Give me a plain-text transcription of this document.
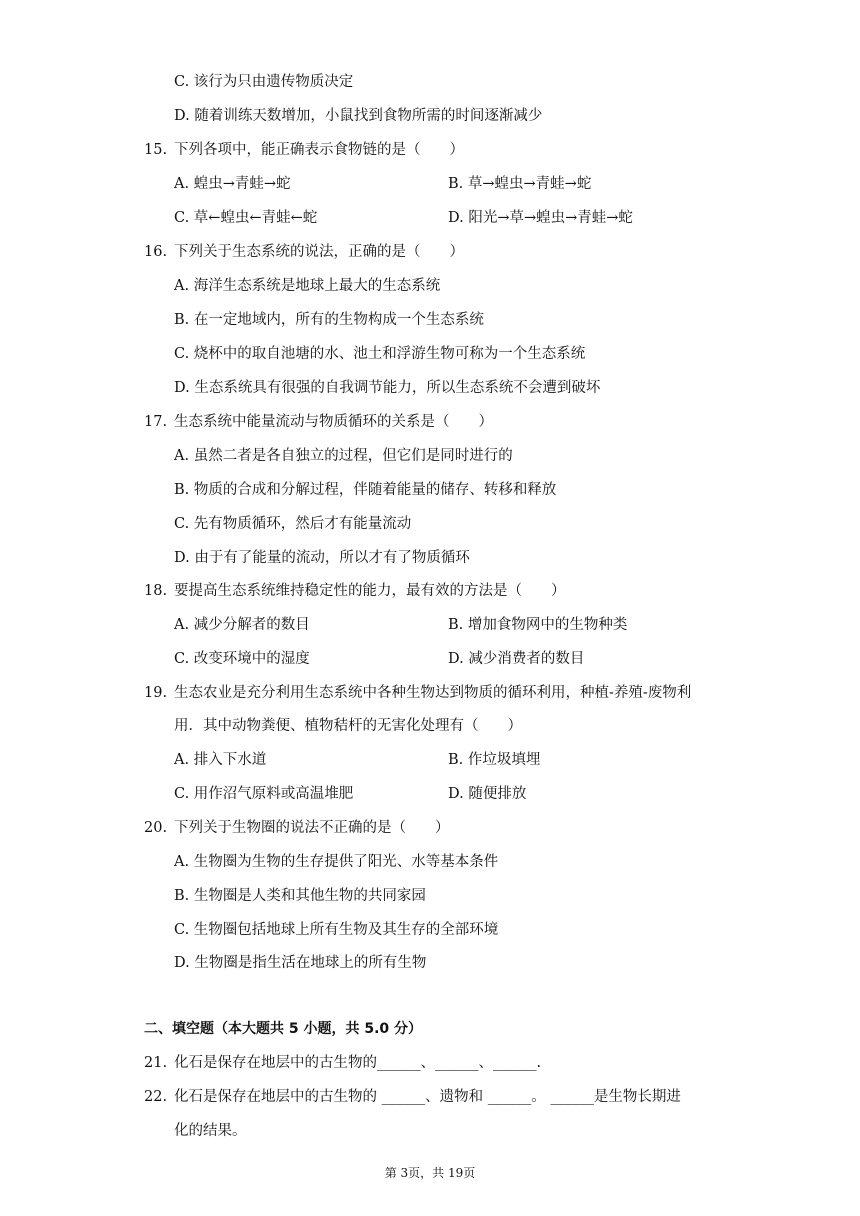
C. 该行为只由遗传物质决定
D. 随着训练天数增加，小鼠找到食物所需的时间逐渐减少
15. 下列各项中，能正确表示食物链的是（　　）
A. 蝗虫→青蛙→蛇	B. 草→蝗虫→青蛙→蛇
C. 草←蝗虫←青蛙←蛇	D. 阳光→草→蝗虫→青蛙→蛇
16. 下列关于生态系统的说法，正确的是（　　）
A. 海洋生态系统是地球上最大的生态系统
B. 在一定地域内，所有的生物构成一个生态系统
C. 烧杯中的取自池塘的水、池土和浮游生物可称为一个生态系统
D. 生态系统具有很强的自我调节能力，所以生态系统不会遭到破坏
17. 生态系统中能量流动与物质循环的关系是（　　）
A. 虽然二者是各自独立的过程，但它们是同时进行的
B. 物质的合成和分解过程，伴随着能量的储存、转移和释放
C. 先有物质循环，然后才有能量流动
D. 由于有了能量的流动，所以才有了物质循环
18. 要提高生态系统维持稳定性的能力，最有效的方法是（　　）
A. 减少分解者的数目	B. 增加食物网中的生物种类
C. 改变环境中的湿度	D. 减少消费者的数目
19. 生态农业是充分利用生态系统中各种生物达到物质的循环利用，种植-养殖-废物利
用．其中动物粪便、植物秸杆的无害化处理有（　　）
A. 排入下水道	B. 作垃圾填埋
C. 用作沼气原料或高温堆肥	D. 随便排放
20. 下列关于生物圈的说法不正确的是（　　）
A. 生物圈为生物的生存提供了阳光、水等基本条件
B. 生物圈是人类和其他生物的共同家园
C. 生物圈包括地球上所有生物及其生存的全部环境
D. 生物圈是指生活在地球上的所有生物
二、填空题（本大题共 5 小题，共 5.0 分）
21. 化石是保存在地层中的古生物的______、______、______.
22. 化石是保存在地层中的古生物的 ______、遗物和 ______。 ______是生物长期进
化的结果。
第 3页，共 19页
